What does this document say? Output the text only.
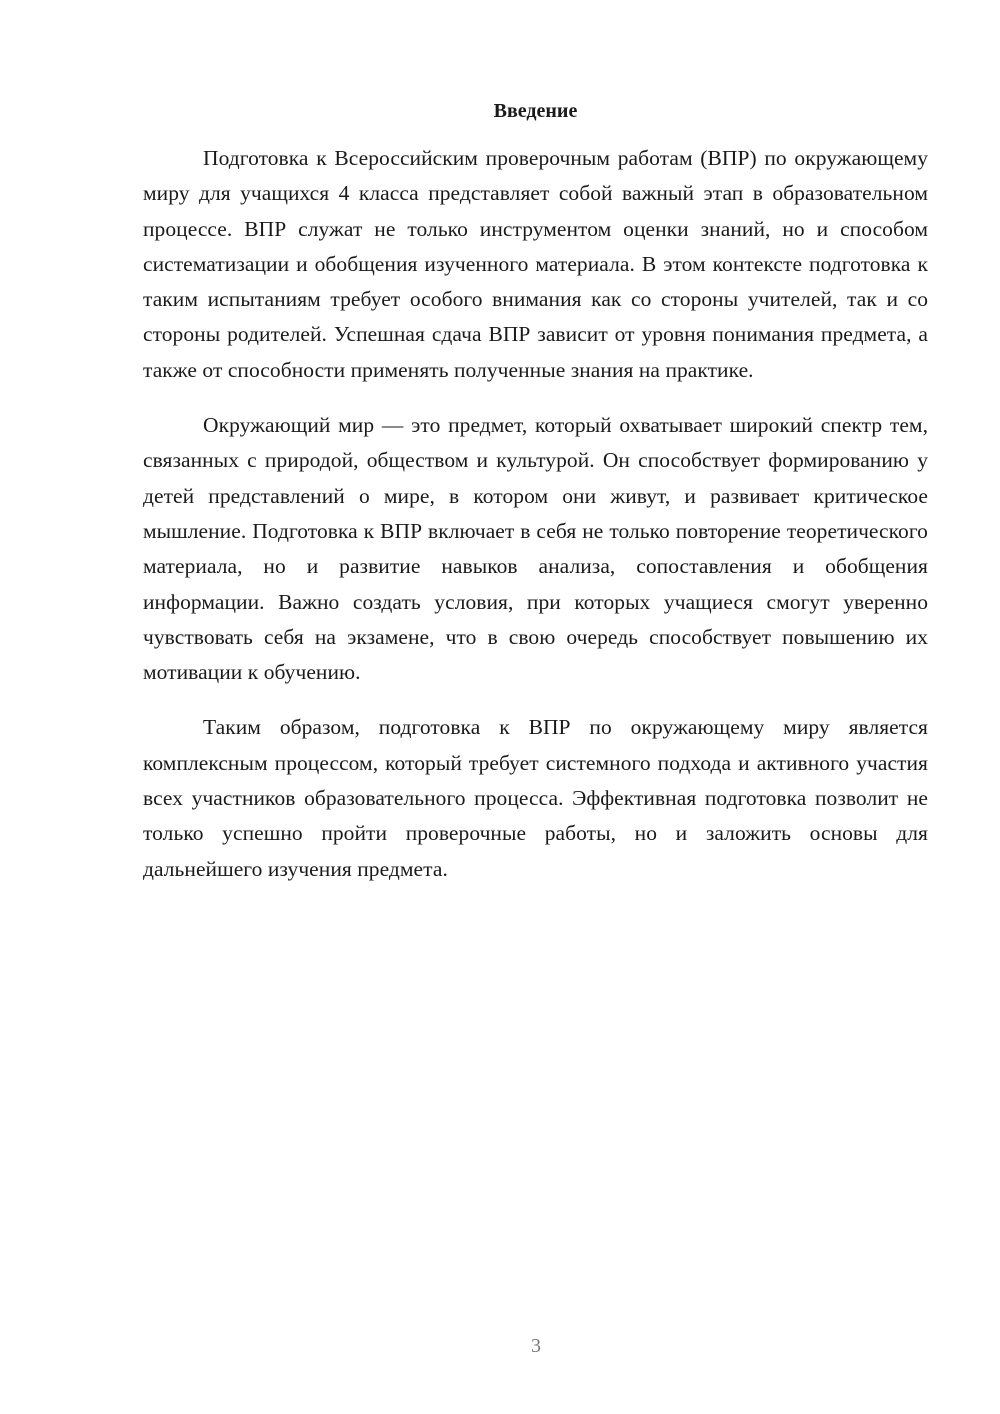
Введение

Подготовка к Всероссийским проверочным работам (ВПР) по окружающему миру для учащихся 4 класса представляет собой важный этап в образовательном процессе. ВПР служат не только инструментом оценки знаний, но и способом систематизации и обобщения изученного материала. В этом контексте подготовка к таким испытаниям требует особого внимания как со стороны учителей, так и со стороны родителей. Успешная сдача ВПР зависит от уровня понимания предмета, а также от способности применять полученные знания на практике.

Окружающий мир — это предмет, который охватывает широкий спектр тем, связанных с природой, обществом и культурой. Он способствует формированию у детей представлений о мире, в котором они живут, и развивает критическое мышление. Подготовка к ВПР включает в себя не только повторение теоретического материала, но и развитие навыков анализа, сопоставления и обобщения информации. Важно создать условия, при которых учащиеся смогут уверенно чувствовать себя на экзамене, что в свою очередь способствует повышению их мотивации к обучению.

Таким образом, подготовка к ВПР по окружающему миру является комплексным процессом, который требует системного подхода и активного участия всех участников образовательного процесса. Эффективная подготовка позволит не только успешно пройти проверочные работы, но и заложить основы для дальнейшего изучения предмета.

3
